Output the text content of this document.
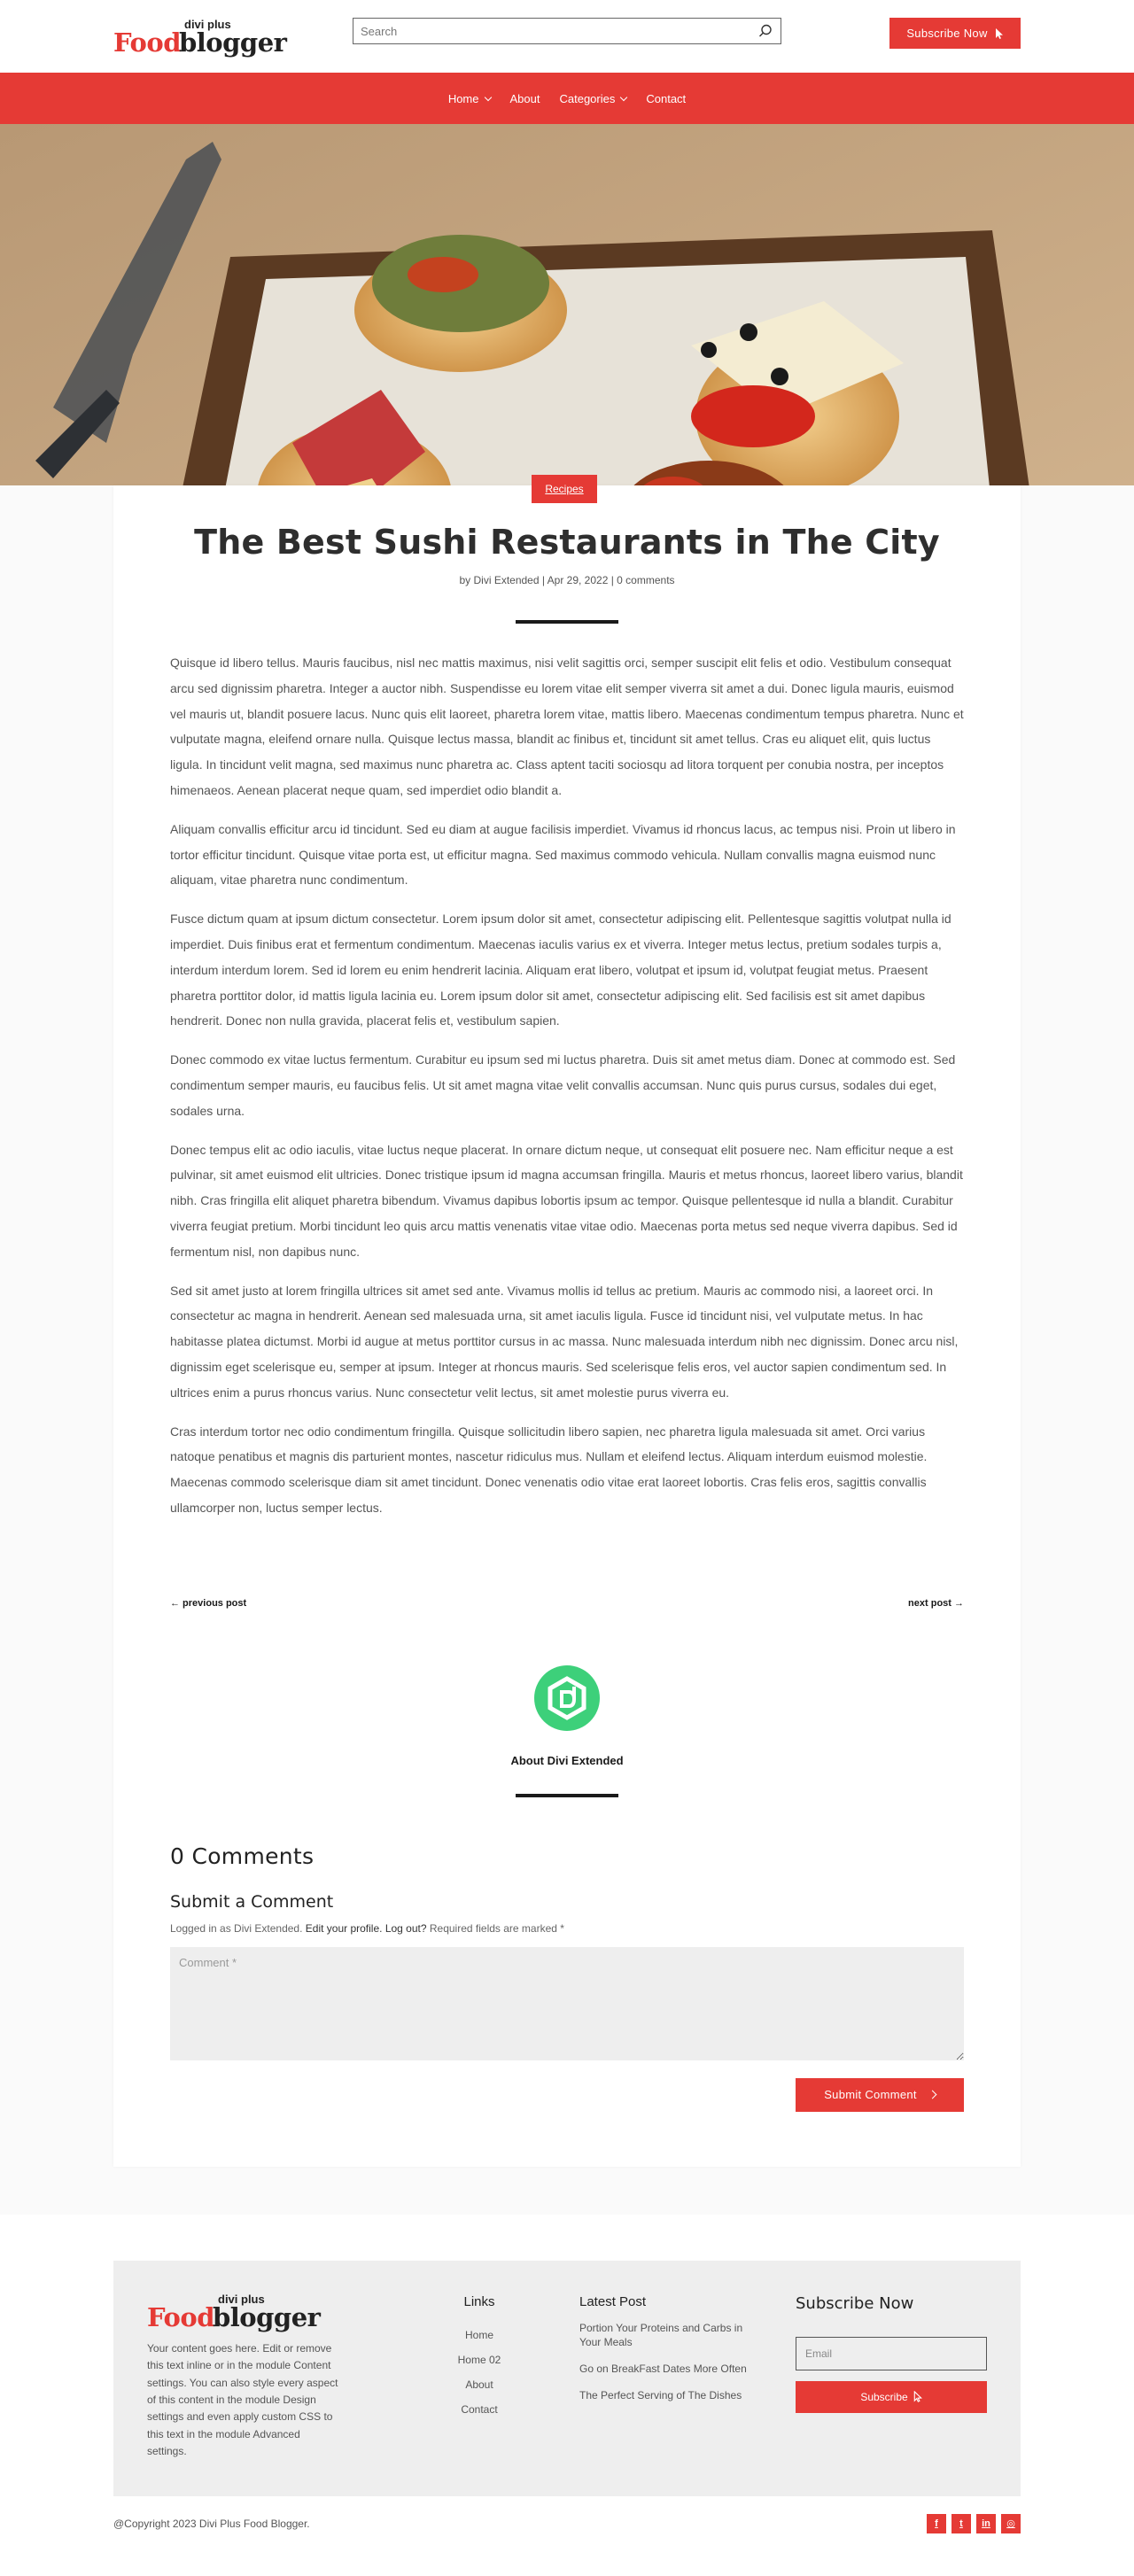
Food
divi plus
blogger
Search	Subscribe Now
Home	About Categories	Contact
Recipes
The Best Sushi Restaurants in The City
by Divi Extended | Apr 29, 2022 | 0 comments

Quisque id libero tellus. Mauris faucibus, nisl nec mattis maximus, nisi velit sagittis orci, semper suscipit elit felis et odio. Vestibulum consequat arcu sed dignissim pharetra. Integer a auctor nibh. Suspendisse eu lorem vitae elit semper viverra sit amet a dui. Donec ligula mauris, euismod vel mauris ut, blandit posuere lacus. Nunc quis elit laoreet, pharetra lorem vitae, mattis libero. Maecenas condimentum tempus pharetra. Nunc et vulputate magna, eleifend ornare nulla. Quisque lectus massa, blandit ac finibus et, tincidunt sit amet tellus. Cras eu aliquet elit, quis luctus ligula. In tincidunt velit magna, sed maximus nunc pharetra ac. Class aptent taciti sociosqu ad litora torquent per conubia nostra, per inceptos himenaeos. Aenean placerat neque quam, sed imperdiet odio blandit a.

Aliquam convallis efficitur arcu id tincidunt. Sed eu diam at augue facilisis imperdiet. Vivamus id rhoncus lacus, ac tempus nisi. Proin ut libero in tortor efficitur tincidunt. Quisque vitae porta est, ut efficitur magna. Sed maximus commodo vehicula. Nullam convallis magna euismod nunc aliquam, vitae pharetra nunc condimentum.

Fusce dictum quam at ipsum dictum consectetur. Lorem ipsum dolor sit amet, consectetur adipiscing elit. Pellentesque sagittis volutpat nulla id imperdiet. Duis finibus erat et fermentum condimentum. Maecenas iaculis varius ex et viverra. Integer metus lectus, pretium sodales turpis a, interdum interdum lorem. Sed id lorem eu enim hendrerit lacinia. Aliquam erat libero, volutpat et ipsum id, volutpat feugiat metus. Praesent pharetra porttitor dolor, id mattis ligula lacinia eu. Lorem ipsum dolor sit amet, consectetur adipiscing elit. Sed facilisis est sit amet dapibus hendrerit. Donec non nulla gravida, placerat felis et, vestibulum sapien.

Donec commodo ex vitae luctus fermentum. Curabitur eu ipsum sed mi luctus pharetra. Duis sit amet metus diam. Donec at commodo est. Sed condimentum semper mauris, eu faucibus felis. Ut sit amet magna vitae velit convallis accumsan. Nunc quis purus cursus, sodales dui eget, sodales urna.

Donec tempus elit ac odio iaculis, vitae luctus neque placerat. In ornare dictum neque, ut consequat elit posuere nec. Nam efficitur neque a est pulvinar, sit amet euismod elit ultricies. Donec tristique ipsum id magna accumsan fringilla. Mauris et metus rhoncus, laoreet libero varius, blandit nibh. Cras fringilla elit aliquet pharetra bibendum. Vivamus dapibus lobortis ipsum ac tempor. Quisque pellentesque id nulla a blandit. Curabitur viverra feugiat pretium. Morbi tincidunt leo quis arcu mattis venenatis vitae vitae odio. Maecenas porta metus sed neque viverra dapibus. Sed id fermentum nisl, non dapibus nunc.

Sed sit amet justo at lorem fringilla ultrices sit amet sed ante. Vivamus mollis id tellus ac pretium. Mauris ac commodo nisi, a laoreet orci. In consectetur ac magna in hendrerit. Aenean sed malesuada urna, sit amet iaculis ligula. Fusce id tincidunt nisi, vel vulputate metus. In hac habitasse platea dictumst. Morbi id augue at metus porttitor cursus in ac massa. Nunc malesuada interdum nibh nec dignissim. Donec arcu nisl, dignissim eget scelerisque eu, semper at ipsum. Integer at rhoncus mauris. Sed scelerisque felis eros, vel auctor sapien condimentum sed. In ultrices enim a purus rhoncus varius. Nunc consectetur velit lectus, sit amet molestie purus viverra eu.

Cras interdum tortor nec odio condimentum fringilla. Quisque sollicitudin libero sapien, nec pharetra ligula malesuada sit amet. Orci varius natoque penatibus et magnis dis parturient montes, nascetur ridiculus mus. Nullam et eleifend lectus. Aliquam interdum euismod molestie. Maecenas commodo scelerisque diam sit amet tincidunt. Donec venenatis odio vitae erat laoreet lobortis. Cras felis eros, sagittis convallis ullamcorper non, luctus semper lectus.

← previous post	next post →
About Divi Extended
0 Comments
Submit a Comment

Logged in as Divi Extended. Edit your profile. Log out? Required fields are marked *

Comment *
Submit Comment
Food
divi plus
blogger

Your content goes here. Edit or remove this text inline or in the module Content settings. You can also style every aspect of this content in the module Design settings and even apply custom CSS to this text in the module Advanced settings.

Links
Home
Home 02
About
Contact
Latest Post
Portion Your Proteins and Carbs in Your Meals
Go on BreakFast Dates More Often
The Perfect Serving of The Dishes
Subscribe Now
Email
Subscribe
@Copyright 2023 Divi Plus Food Blogger.	f	t	in	◎
